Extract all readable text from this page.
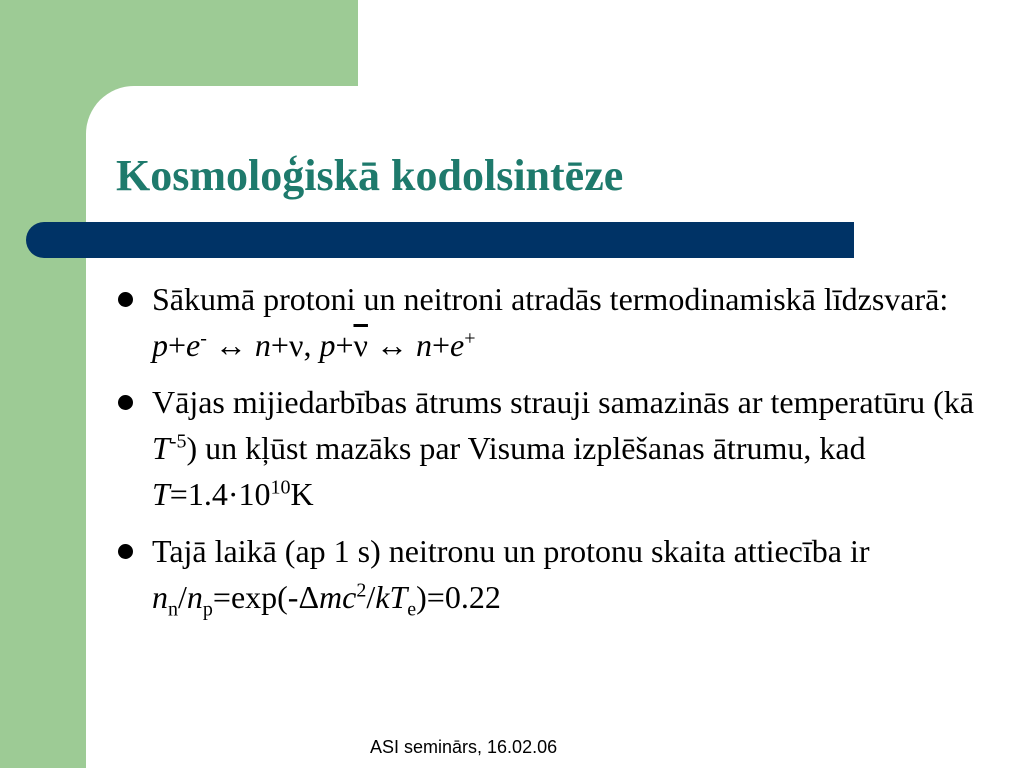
Kosmoloģiskā kodolsintēze
Sākumā protoni un neitroni atradās termodinamiskā līdzsvarā:
p+e- ↔ n+ν, $p+\overline{\nu}$ ↔ n+e+
Vājas mijiedarbības ātrums strauji samazinās ar temperatūru (kā $T^{-5}$) un kļūst mazāks par Visuma izplēšanas ātrumu, kad $T=1.4\cdot 10^{10}K$
Tajā laikā (ap 1 s) neitronu un protonu skaita attiecība ir $n_n/n_p=\exp(-\Delta mc^2/kT_e)=0.22$

ASI seminārs, 16.02.06
